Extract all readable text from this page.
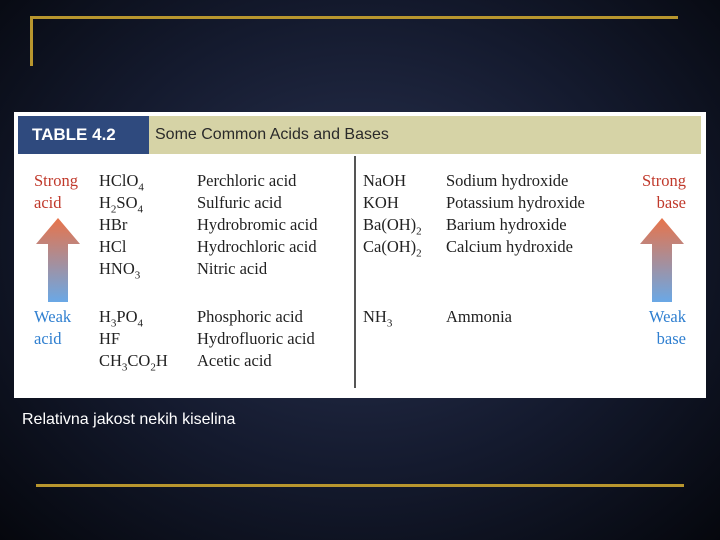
TABLE 4.2	Some Common Acids and Bases
Strong
acid
Weak
acid
HClO$_4$
$H_2SO_4$
HBr
HCl
$HNO_3$
Perchloric acid
Sulfuric acid
Hydrobromic acid
Hydrochloric acid
Nitric acid
$H_3PO_4$
HF
$CH_3CO_2H$
Phosphoric acid
Hydrofluoric acid
Acetic acid
NaOH
KOH
$Ba(OH)_2$
$Ca(OH)_2$
Sodium hydroxide
Potassium hydroxide
Barium hydroxide
Calcium hydroxide
$NH_3$	Ammonia
Strong
base
Weak
base
Relativna jakost nekih kiselina
